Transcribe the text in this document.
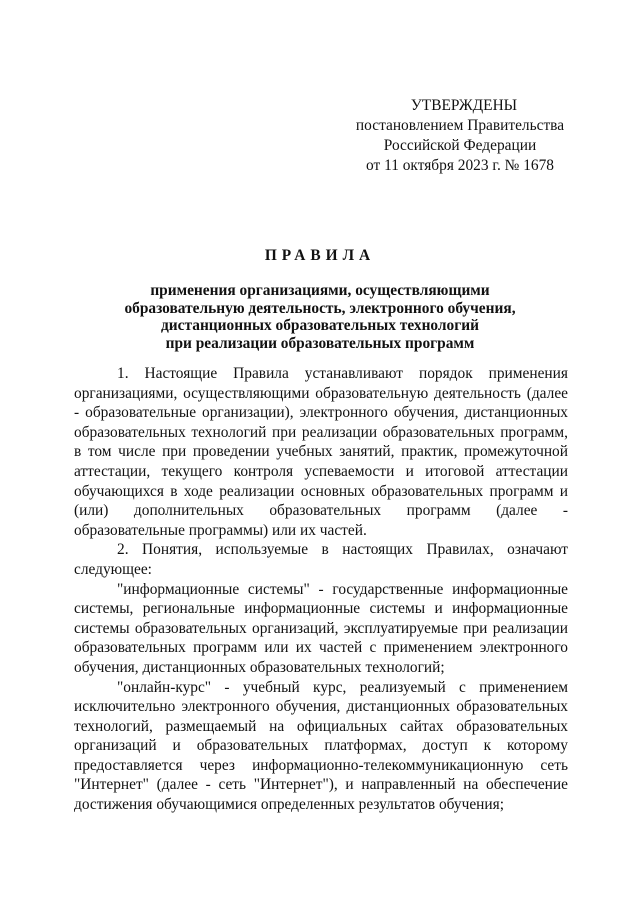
УТВЕРЖДЕНЫ
постановлением Правительства
Российской Федерации
от 11 октября 2023 г. № 1678
ПРАВИЛА
применения организациями, осуществляющими
образовательную деятельность, электронного обучения,
дистанционных образовательных технологий
при реализации образовательных программ

1. Настоящие Правила устанавливают порядок применения организациями, осуществляющими образовательную деятельность (далее - образовательные организации), электронного обучения, дистанционных образовательных технологий при реализации образовательных программ, в том числе при проведении учебных занятий, практик, промежуточной аттестации, текущего контроля успеваемости и итоговой аттестации обучающихся в ходе реализации основных образовательных программ и (или) дополнительных образовательных программ (далее - образовательные программы) или их частей.

2. Понятия, используемые в настоящих Правилах, означают следующее:

"информационные системы" - государственные информационные системы, региональные информационные системы и информационные системы образовательных организаций, эксплуатируемые при реализации образовательных программ или их частей с применением электронного обучения, дистанционных образовательных технологий;

"онлайн-курс" - учебный курс, реализуемый с применением исключительно электронного обучения, дистанционных образовательных технологий, размещаемый на официальных сайтах образовательных организаций и образовательных платформах, доступ к которому предоставляется через информационно-телекоммуникационную сеть "Интернет" (далее - сеть "Интернет"), и направленный на обеспечение достижения обучающимися определенных результатов обучения;
